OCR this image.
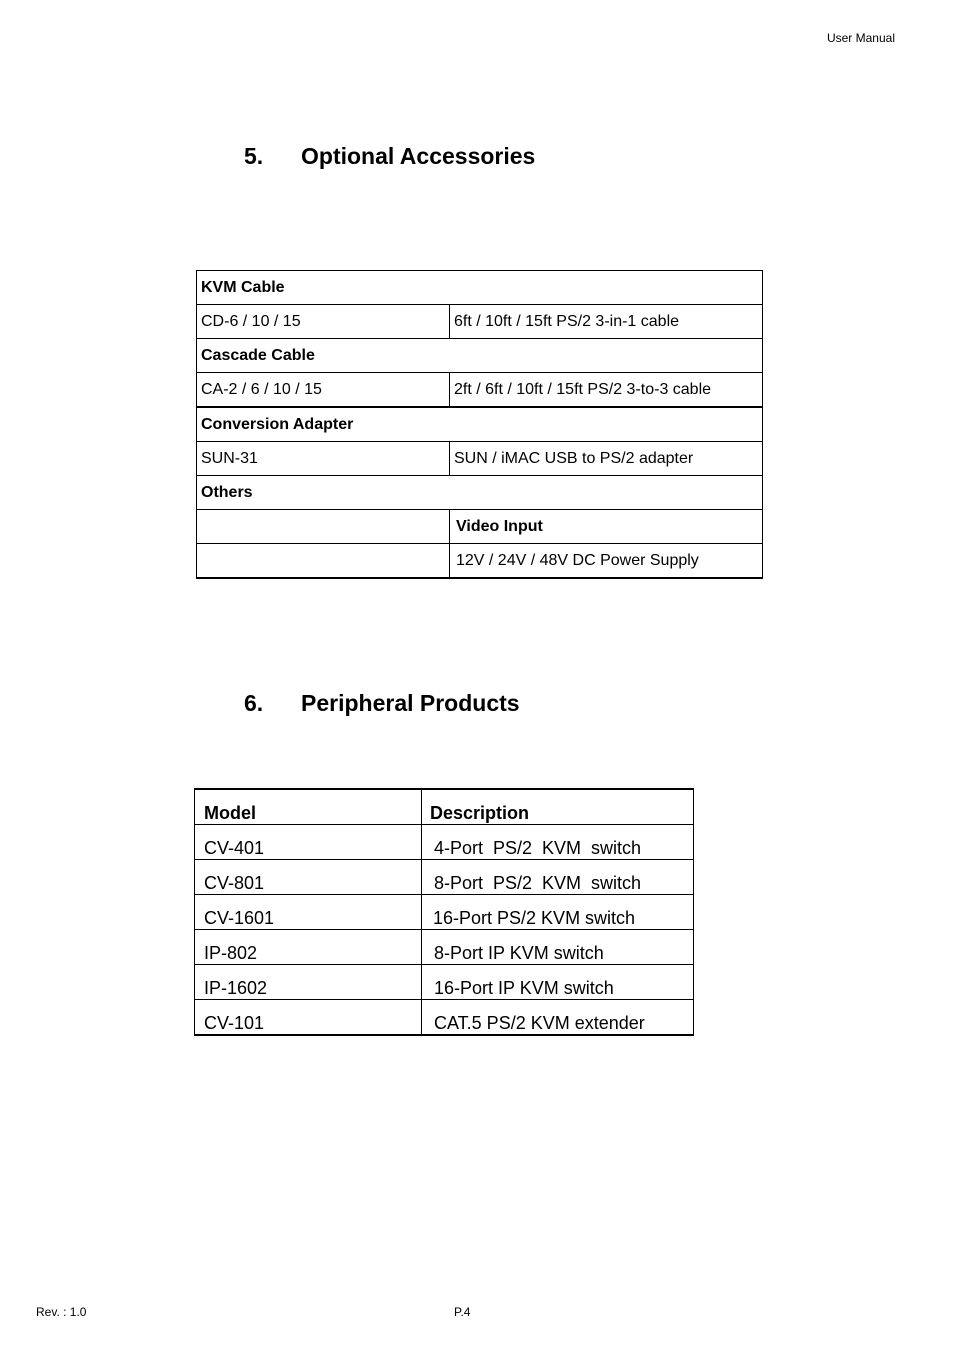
User Manual
5.	Optional Accessories
KVM Cable	
CD-6 / 10 / 15	6ft / 10ft / 15ft PS/2 3-in-1 cable
Cascade Cable	
CA-2 / 6 / 10 / 15	2ft / 6ft / 10ft / 15ft PS/2 3-to-3 cable
Conversion Adapter	
SUN-31	SUN / iMAC USB to PS/2 adapter
Others	
	Video Input
	12V / 24V / 48V DC Power Supply
6.	Peripheral Products
Model	Description
CV-401	4-Port  PS/2  KVM  switch
CV-801	8-Port  PS/2  KVM  switch
CV-1601	16-Port PS/2 KVM switch
IP-802	8-Port IP KVM switch
IP-1602	16-Port IP KVM switch
CV-101	CAT.5 PS/2 KVM extender
Rev. : 1.0	P.4
